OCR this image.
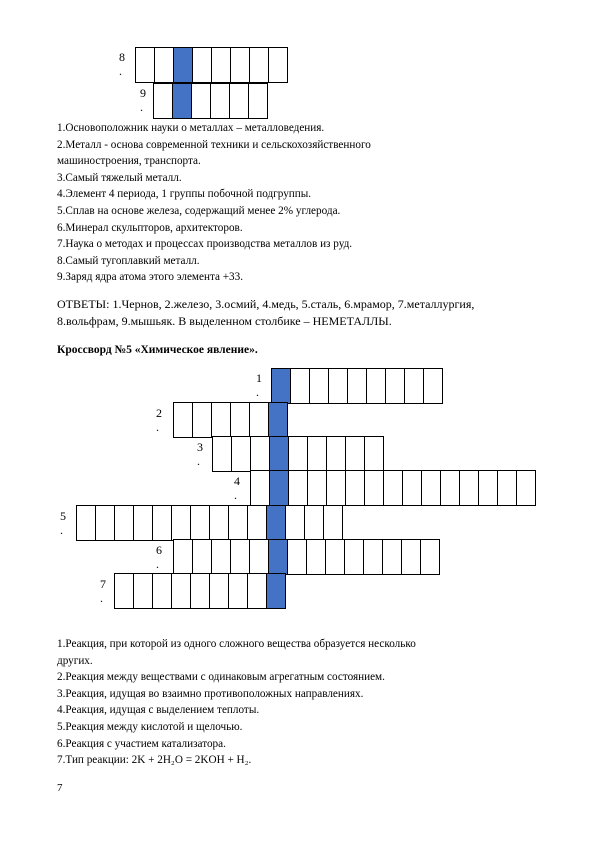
8
.
9
.
1.Основоположник науки о металлах – металловедения.
2.Металл - основа современной техники и сельскохозяйственного
машиностроения, транспорта.
3.Самый тяжелый металл.
4.Элемент 4 периода, 1 группы побочной подгруппы.
5.Сплав на основе железа, содержащий менее 2% углерода.
6.Минерал скульпторов, архитекторов.
7.Наука о методах и процессах производства металлов из руд.
8.Самый тугоплавкий металл.
9.Заряд ядра атома этого элемента +33.
ОТВЕТЫ: 1.Чернов, 2.железо, 3.осмий, 4.медь, 5.сталь, 6.мрамор, 7.металлургия,
8.вольфрам, 9.мышьяк. В выделенном столбике – НЕМЕТАЛЛЫ.
Кроссворд №5 «Химическое явление».
1
.
2
.
3
.
4
.
5
.
6
.
7
.
1.Реакция, при которой из одного сложного вещества образуется несколько
других.
2.Реакция между веществами с одинаковым агрегатным состоянием.
3.Реакция, идущая во взаимно противоположных направлениях.
4.Реакция, идущая с выделением теплоты.
5.Реакция между кислотой и щелочью.
6.Реакция с участием катализатора.
7.Тип реакции: 2K + 2H₂O = 2KOH + H₂.
7
